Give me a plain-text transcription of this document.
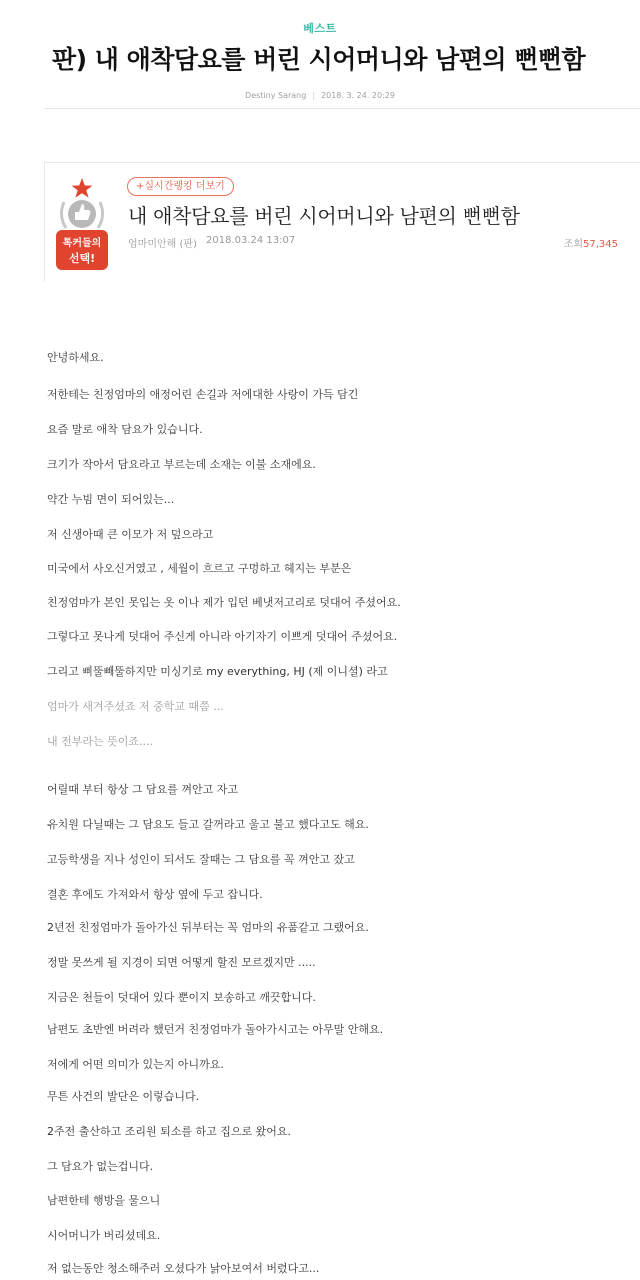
베스트
판) 내 애착담요를 버린 시어머니와 남편의 뻔뻔함
Destiny Sarang | 2018. 3. 24. 20:29
톡커들의
선택!
+실시간랭킹 더보기
내 애착담요를 버린 시어머니와 남편의 뻔뻔함
엄마미안해 (판) 2018.03.24 13:07	조회57,345
안녕하세요.
저한테는 친정엄마의 애정어린 손길과 저에대한 사랑이 가득 담긴
요즘 말로 애착 담요가 있습니다.
크기가 작아서 담요라고 부르는데 소재는 이불 소재에요.
약간 누빔 면이 되어있는...
저 신생아때 큰 이모가 저 덮으라고
미국에서 사오신거였고 , 세월이 흐르고 구멍하고 헤지는 부분은
친정엄마가 본인 못입는 옷 이나 제가 입던 베냇저고리로 덧대어 주셨어요.
그렇다고 못나게 덧대어 주신게 아니라 아기자기 이쁘게 덧대어 주셨어요.
그리고 삐뚤빼뚤하지만 미싱기로 my everything, HJ (제 이니셜) 라고
엄마가 새겨주셨죠 저 중학교 때쯤 ...
내 전부라는 뜻이죠....
어릴때 부터 항상 그 담요를 껴안고 자고
유치원 다닐때는 그 담요도 들고 갈꺼라고 울고 불고 했다고도 해요.
고등학생을 지나 성인이 되서도 잘때는 그 담요를 꼭 껴안고 잤고
결혼 후에도 가져와서 항상 옆에 두고 잡니다.
2년전 친정엄마가 돌아가신 뒤부터는 꼭 엄마의 유품같고 그랬어요.
정말 못쓰게 될 지경이 되면 어떻게 할진 모르겠지만 .....
지금은 천들이 덧대어 있다 뿐이지 보송하고 깨끗합니다.
남편도 초반엔 버려라 했던거 친정엄마가 돌아가시고는 아무말 안해요.
저에게 어떤 의미가 있는지 아니까요.
무튼 사건의 발단은 이렇습니다.
2주전 출산하고 조리원 퇴소를 하고 집으로 왔어요.
그 담요가 없는겁니다.
남편한테 행방을 물으니
시어머니가 버리셨데요.
저 없는동안 청소해주러 오셨다가 낡아보여서 버렸다고...
